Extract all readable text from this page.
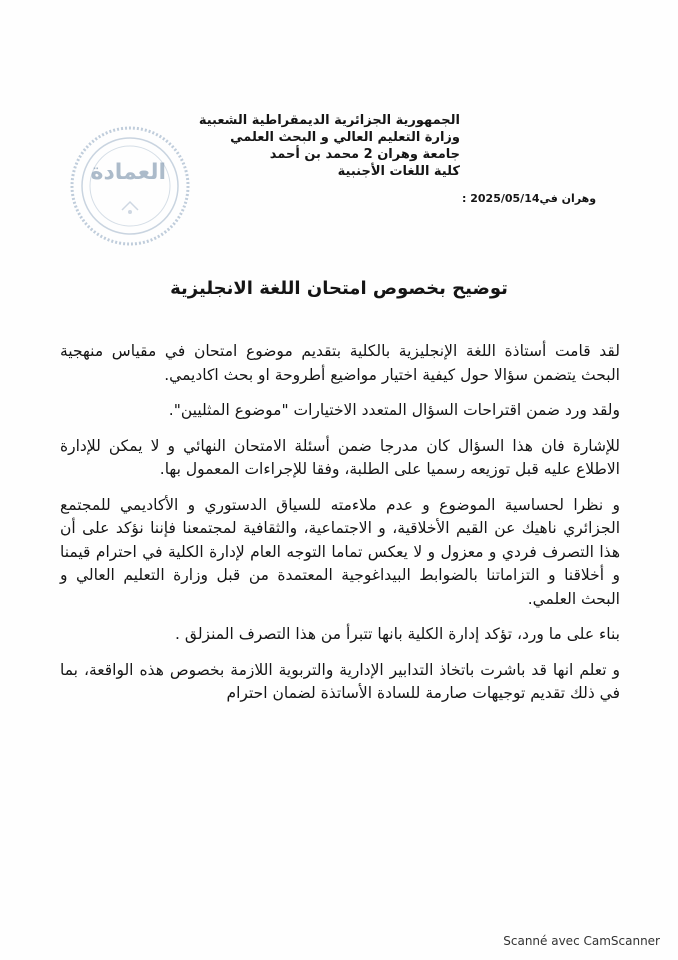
الجمهورية الجزائرية الديمقراطية الشعبية
وزارة التعليم العالي و البحث العلمي
جامعة وهران 2 محمد بن أحمد
كلية اللغات الأجنبية
وهران في2025/05/14 :
العمادة
توضيح بخصوص امتحان اللغة الانجليزية

لقد قامت أستاذة اللغة الإنجليزية بالكلية بتقديم موضوع امتحان في مقياس منهجية البحث يتضمن سؤالا حول كيفية اختيار مواضيع أطروحة او بحث اكاديمي.

ولقد ورد ضمن اقتراحات السؤال المتعدد الاختيارات "موضوع المثليين".

للإشارة فان هذا السؤال كان مدرجا ضمن أسئلة الامتحان النهائي و لا يمكن للإدارة الاطلاع عليه قبل توزيعه رسميا على الطلبة، وفقا للإجراءات المعمول بها.

و نظرا لحساسية الموضوع و عدم ملاءمته للسياق الدستوري و الأكاديمي للمجتمع الجزائري ناهيك عن القيم الأخلاقية، و الاجتماعية، والثقافية لمجتمعنا فإننا نؤكد على أن هذا التصرف فردي و معزول و لا يعكس تماما التوجه العام لإدارة الكلية في احترام قيمنا و أخلاقنا و التزاماتنا بالضوابط البيداغوجية المعتمدة من قبل وزارة التعليم العالي و البحث العلمي.

بناء على ما ورد، تؤكد إدارة الكلية بانها تتبرأ من هذا التصرف المنزلق .

و تعلم انها قد باشرت باتخاذ التدابير الإدارية والتربوية اللازمة بخصوص هذه الواقعة، بما في ذلك تقديم توجيهات صارمة للسادة الأساتذة لضمان احترام

Scanné avec CamScanner
